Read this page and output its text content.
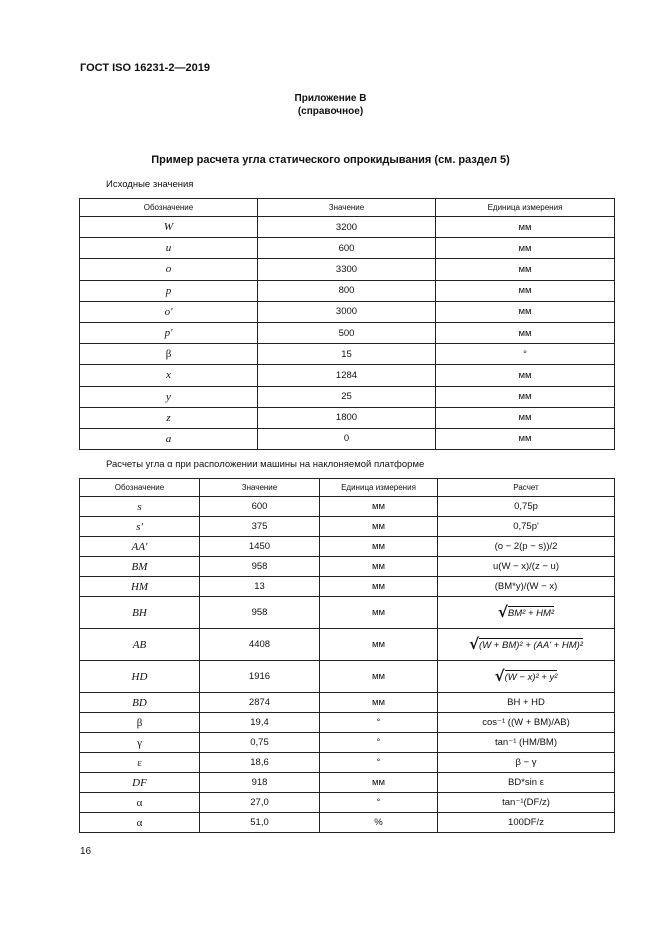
ГОСТ ISO 16231-2—2019
Приложение В
(справочное)
Пример расчета угла статического опрокидывания (см. раздел 5)
Исходные значения
Обозначение	Значение	Единица измерения
W	3200	мм
u	600	мм
o	3300	мм
p	800	мм
o'	3000	мм
p'	500	мм
β	15	°
x	1284	мм
y	25	мм
z	1800	мм
a	0	мм
Расчеты угла α при расположении машины на наклоняемой платформе
Обозначение	Значение	Единица измерения	Расчет
s	600	мм	0,75p
s'	375	мм	0,75p'
AA'	1450	мм	(o − 2(p − s))/2
BM	958	мм	u(W − x)/(z − u)
HM	13	мм	(BM*y)/(W − x)
BH	958	мм	√ BM² + HM²

AB	4408	мм	√ (W + BM)² + (AA' + HM)²

HD	1916	мм	√ (W − x)² + y²

BD	2874	мм	BH + HD
β	19,4	°	cos⁻¹ ((W + BM)/AB)
γ	0,75	°	tan⁻¹ (HM/BM)
ε	18,6	°	β − γ
DF	918	мм	BD*sin ε
α	27,0	°	tan⁻¹(DF/z)
α	51,0	%	100DF/z
16
